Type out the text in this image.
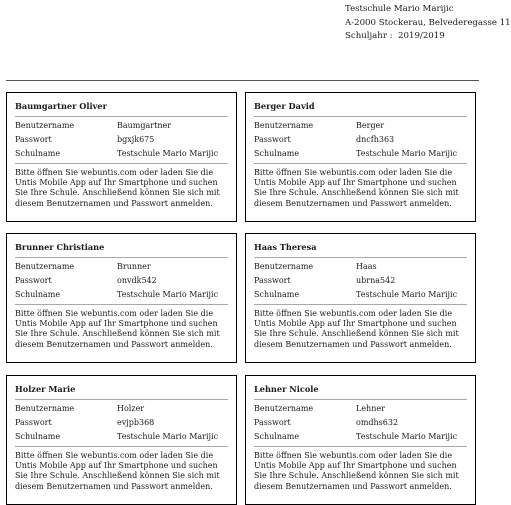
Testschule Mario Marijic
A-2000 Stockerau, Belvederegasse 11
Schuljahr : 2019/2019
Baumgartner Oliver
Benutzername	Baumgartner
Passwort	bgxjk675
Schulname	Testschule Mario Marijic
Bitte öffnen Sie webuntis.com oder laden Sie die Untis Mobile App auf Ihr Smartphone und suchen Sie Ihre Schule. Anschließend können Sie sich mit diesem Benutzernamen und Passwort anmelden.
Berger David
Benutzername	Berger
Passwort	dncfh363
Schulname	Testschule Mario Marijic
Bitte öffnen Sie webuntis.com oder laden Sie die Untis Mobile App auf Ihr Smartphone und suchen Sie Ihre Schule. Anschließend können Sie sich mit diesem Benutzernamen und Passwort anmelden.
Brunner Christiane
Benutzername	Brunner
Passwort	onvdk542
Schulname	Testschule Mario Marijic
Bitte öffnen Sie webuntis.com oder laden Sie die Untis Mobile App auf Ihr Smartphone und suchen Sie Ihre Schule. Anschließend können Sie sich mit diesem Benutzernamen und Passwort anmelden.
Haas Theresa
Benutzername	Haas
Passwort	ubrna542
Schulname	Testschule Mario Marijic
Bitte öffnen Sie webuntis.com oder laden Sie die Untis Mobile App auf Ihr Smartphone und suchen Sie Ihre Schule. Anschließend können Sie sich mit diesem Benutzernamen und Passwort anmelden.
Holzer Marie
Benutzername	Holzer
Passwort	evjpb368
Schulname	Testschule Mario Marijic
Bitte öffnen Sie webuntis.com oder laden Sie die Untis Mobile App auf Ihr Smartphone und suchen Sie Ihre Schule. Anschließend können Sie sich mit diesem Benutzernamen und Passwort anmelden.
Lehner Nicole
Benutzername	Lehner
Passwort	omdhs632
Schulname	Testschule Mario Marijic
Bitte öffnen Sie webuntis.com oder laden Sie die Untis Mobile App auf Ihr Smartphone und suchen Sie Ihre Schule. Anschließend können Sie sich mit diesem Benutzernamen und Passwort anmelden.
